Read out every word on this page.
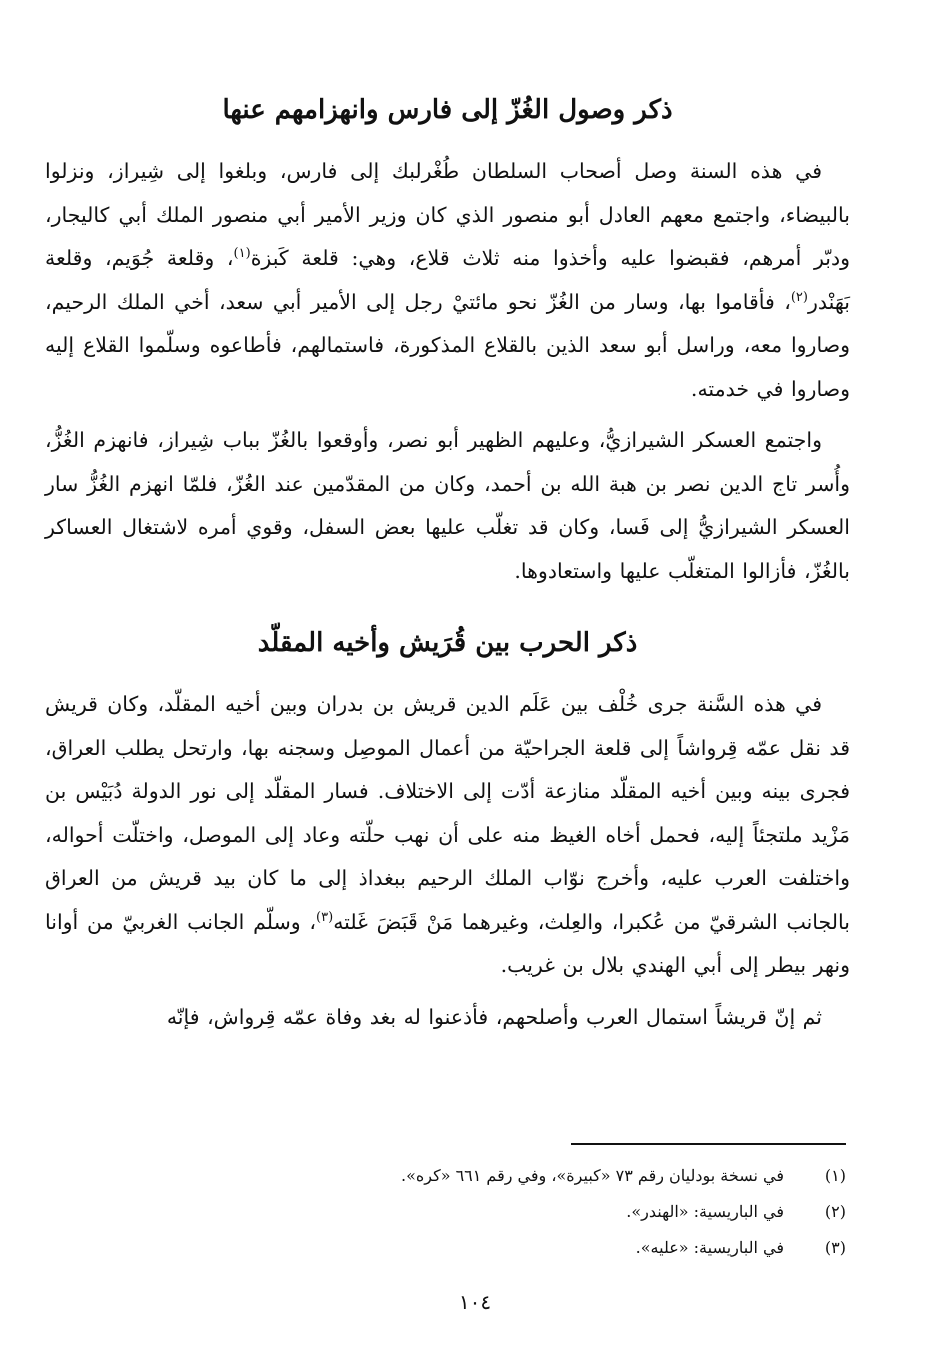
ذكر وصول الغُزّ إلى فارس وانهزامهم عنها

في هذه السنة وصل أصحاب السلطان طُغْرلبك إلى فارس، وبلغوا إلى شِيراز، ونزلوا بالبيضاء، واجتمع معهم العادل أبو منصور الذي كان وزير الأمير أبي منصور الملك أبي كاليجار، ودبّر أمرهم، فقبضوا عليه وأخذوا منه ثلاث قلاع، وهي: قلعة كَبزة$^{(١)}$، وقلعة جُوَيم، وقلعة بَهَنْدر$^{(٢)}$، فأقاموا بها، وسار من الغُزّ نحو مائتيْ رجل إلى الأمير أبي سعد، أخي الملك الرحيم، وصاروا معه، وراسل أبو سعد الذين بالقلاع المذكورة، فاستمالهم، فأطاعوه وسلّموا القلاع إليه وصاروا في خدمته.

واجتمع العسكر الشيرازيُّ، وعليهم الظهير أبو نصر، وأوقعوا بالغُزّ بباب شِيراز، فانهزم الغُزُّ، وأُسر تاج الدين نصر بن هبة الله بن أحمد، وكان من المقدّمين عند الغُزّ، فلمّا انهزم الغُزُّ سار العسكر الشيرازيُّ إلى فَسا، وكان قد تغلّب عليها بعض السفل، وقوي أمره لاشتغال العساكر بالغُزّ، فأزالوا المتغلّب عليها واستعادوها.

ذكر الحرب بين قُرَيش وأخيه المقلّد

في هذه السَّنة جرى خُلْف بين عَلَم الدين قريش بن بدران وبين أخيه المقلّد، وكان قريش قد نقل عمّه قِرواشاً إلى قلعة الجراحيّة من أعمال الموصِل وسجنه بها، وارتحل يطلب العراق، فجرى بينه وبين أخيه المقلّد منازعة أدّت إلى الاختلاف. فسار المقلّد إلى نور الدولة دُبَيْس بن مَزْيد ملتجئاً إليه، فحمل أخاه الغيظ منه على أن نهب حلّته وعاد إلى الموصل، واختلّت أحواله، واختلفت العرب عليه، وأخرج نوّاب الملك الرحيم ببغداذ إلى ما كان بيد قريش من العراق بالجانب الشرقيّ من عُكبرا، والعِلث، وغيرهما مَنْ قَبَضَ غَلته$^{(٣)}$، وسلّم الجانب الغربيّ من أوانا ونهر بيطر إلى أبي الهندي بلال بن غريب.

ثم إنّ قريشاً استمال العرب وأصلحهم، فأذعنوا له بغد وفاة عمّه قِرواش، فإنّه

(١)
في نسخة بودليان رقم ٧٣ «كبيرة»، وفي رقم ٦٦١ «كره».
(٢)
في الباريسية: «الهندر».
(٣)
في الباريسية: «عليه».
١٠٤
